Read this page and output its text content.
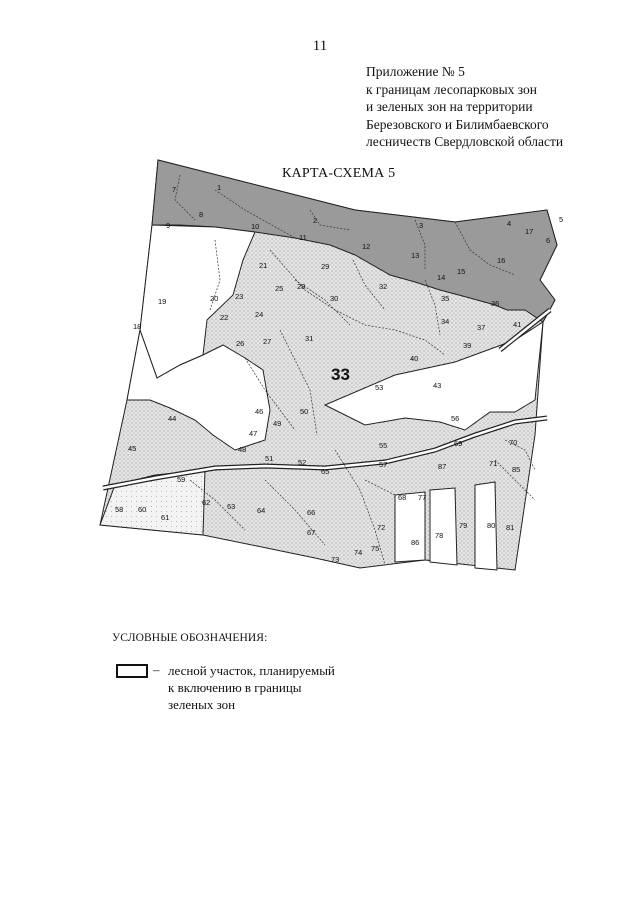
11
Приложение № 5
к границам лесопарковых зон
и зеленых зон на территории
Березовского и Билимбаевского
лесничеств Свердловской области
КАРТА-СХЕМА 5
1
2
3	4	5
6
7
8
9	10
11
12
13
14
15
16
17
18
19	20
21
22
23
24
25
26 27
28
29
30
31
32
34
35
36
37
39
40
41
43
44
45
46
47
48
49
50
51	52
53
55
56
57
58
59
60
61
62 63	64
65
66
67
68
69	70
71
72
73
74 75
77
78
79	80 81
85
86
87
33
УСЛОВНЫЕ ОБОЗНАЧЕНИЯ:
– лесной участок, планируемый
к включению в границы
зеленых зон
